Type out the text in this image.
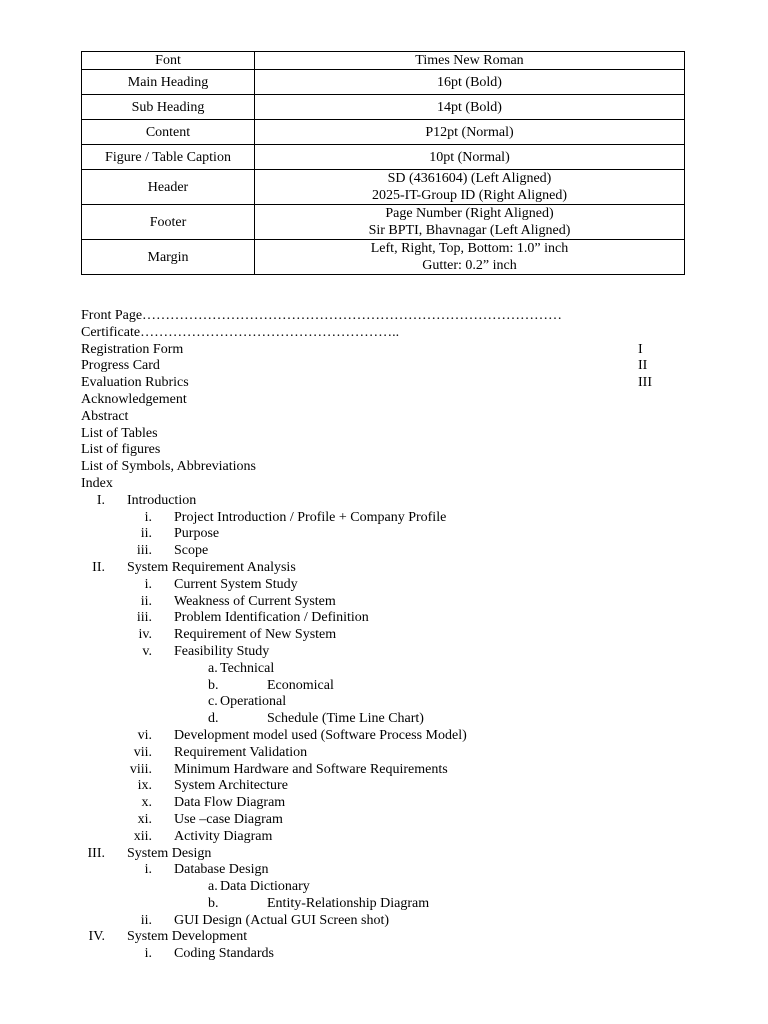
Font	Times New Roman

Main Heading	16pt (Bold)

Sub Heading	14pt (Bold)

Content	P12pt (Normal)

Figure / Table Caption	10pt (Normal)

Header	SD (4361604) (Left Aligned)
2025-IT-Group ID (Right Aligned)

Footer	Page Number (Right Aligned)
Sir BPTI, Bhavnagar (Left Aligned)

Margin	Left, Right, Top, Bottom: 1.0” inch
Gutter: 0.2” inch
Front Page………………………………………………………………………………
Certificate………………………………………………..
Registration Form	I
Progress Card	II
Evaluation Rubrics	III
Acknowledgement
Abstract
List of Tables
List of figures
List of Symbols, Abbreviations
Index
I. Introduction
i. Project Introduction / Profile + Company Profile
ii. Purpose
iii. Scope
II. System Requirement Analysis
i. Current System Study
ii. Weakness of Current System
iii. Problem Identification / Definition
iv. Requirement of New System
v. Feasibility Study
a. Technical
b.	Economical
c. Operational
d.	Schedule (Time Line Chart)
vi. Development model used (Software Process Model)
vii. Requirement Validation
viii. Minimum Hardware and Software Requirements
ix. System Architecture
x. Data Flow Diagram
xi. Use –case Diagram
xii. Activity Diagram
III. System Design
i. Database Design
a. Data Dictionary
b.	Entity-Relationship Diagram
ii. GUI Design (Actual GUI Screen shot)
IV. System Development
i. Coding Standards
